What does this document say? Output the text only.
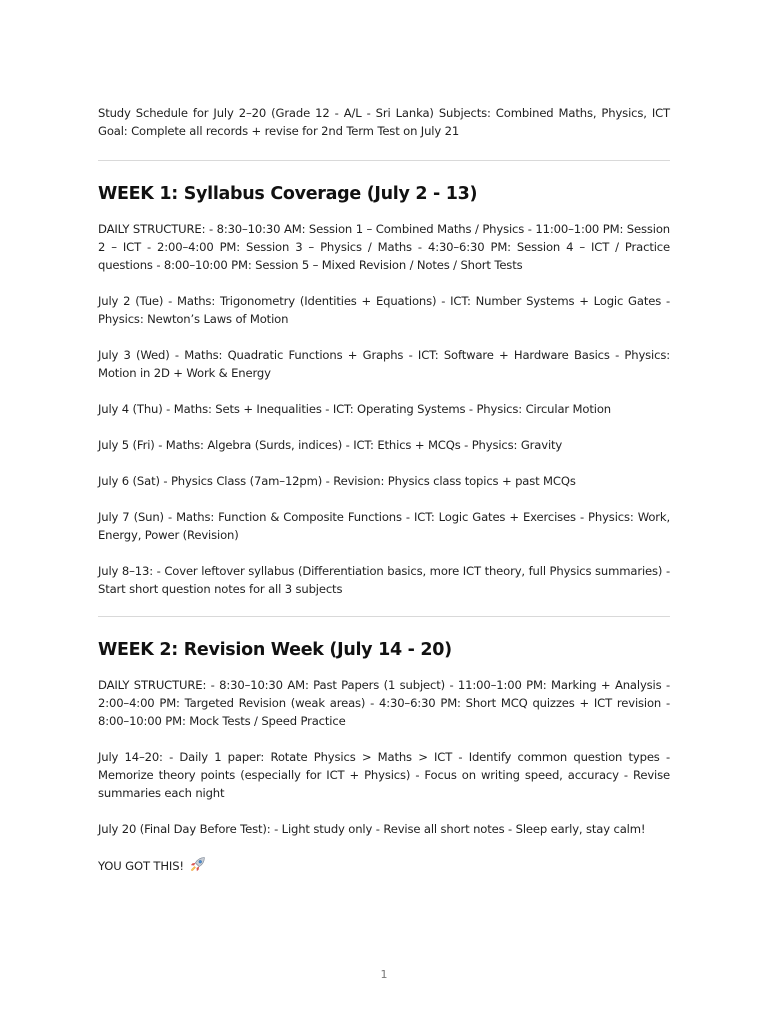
Study Schedule for July 2–20 (Grade 12 - A/L - Sri Lanka) Subjects: Combined Maths, Physics, ICT Goal: Complete all records + revise for 2nd Term Test on July 21

WEEK 1: Syllabus Coverage (July 2 - 13)

DAILY STRUCTURE: - 8:30–10:30 AM: Session 1 – Combined Maths / Physics - 11:00–1:00 PM: Session 2 – ICT - 2:00–4:00 PM: Session 3 – Physics / Maths - 4:30–6:30 PM: Session 4 – ICT / Practice questions - 8:00–10:00 PM: Session 5 – Mixed Revision / Notes / Short Tests

July 2 (Tue) - Maths: Trigonometry (Identities + Equations) - ICT: Number Systems + Logic Gates - Physics: Newton’s Laws of Motion

July 3 (Wed) - Maths: Quadratic Functions + Graphs - ICT: Software + Hardware Basics - Physics: Motion in 2D + Work & Energy

July 4 (Thu) - Maths: Sets + Inequalities - ICT: Operating Systems - Physics: Circular Motion

July 5 (Fri) - Maths: Algebra (Surds, indices) - ICT: Ethics + MCQs - Physics: Gravity

July 6 (Sat) - Physics Class (7am–12pm) - Revision: Physics class topics + past MCQs

July 7 (Sun) - Maths: Function & Composite Functions - ICT: Logic Gates + Exercises - Physics: Work, Energy, Power (Revision)

July 8–13: - Cover leftover syllabus (Differentiation basics, more ICT theory, full Physics summaries) - Start short question notes for all 3 subjects

WEEK 2: Revision Week (July 14 - 20)

DAILY STRUCTURE: - 8:30–10:30 AM: Past Papers (1 subject) - 11:00–1:00 PM: Marking + Analysis - 2:00–4:00 PM: Targeted Revision (weak areas) - 4:30–6:30 PM: Short MCQ quizzes + ICT revision - 8:00–10:00 PM: Mock Tests / Speed Practice

July 14–20: - Daily 1 paper: Rotate Physics > Maths > ICT - Identify common question types - Memorize theory points (especially for ICT + Physics) - Focus on writing speed, accuracy - Revise summaries each night

July 20 (Final Day Before Test): - Light study only - Revise all short notes - Sleep early, stay calm!

YOU GOT THIS!

1
